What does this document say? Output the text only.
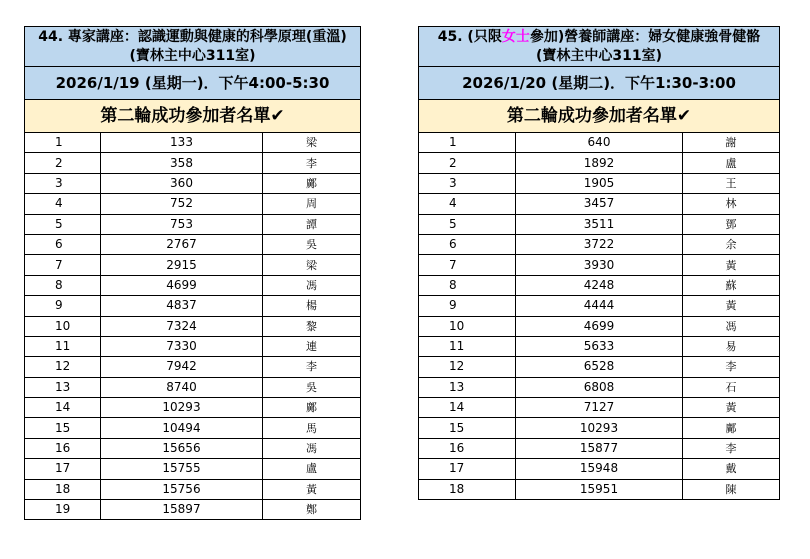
44. 專家講座：認識運動與健康的科學原理(重溫)
(寶林主中心311室)
2026/1/19 (星期一)．下午4:00-5:30
第二輪成功參加者名單✔
1	133	梁
2	358	李
3	360	鄺
4	752	周
5	753	譚
6	2767	吳
7	2915	梁
8	4699	馮
9	4837	楊
10	7324	黎
11	7330	連
12	7942	李
13	8740	吳
14	10293	鄺
15	10494	馬
16	15656	馮
17	15755	盧
18	15756	黃
19	15897	鄭
45. (只限女士參加)營養師講座：婦女健康強骨健骼
(寶林主中心311室)
2026/1/20 (星期二)．下午1:30-3:00
第二輪成功參加者名單✔
1	640	謝
2	1892	盧
3	1905	王
4	3457	林
5	3511	鄧
6	3722	余
7	3930	黃
8	4248	蘇
9	4444	黃
10	4699	馮
11	5633	易
12	6528	李
13	6808	石
14	7127	黃
15	10293	鄺
16	15877	李
17	15948	戴
18	15951	陳
